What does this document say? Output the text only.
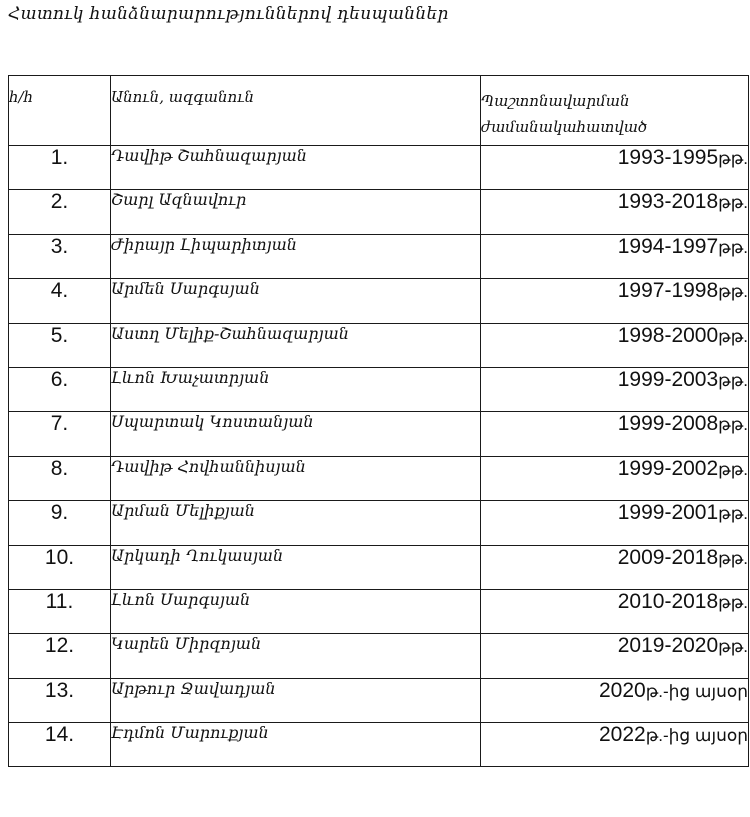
Հատուկ հանձնարարություններով դեսպաններ
հ/հ	Անուն, ազգանուն	Պաշտոնավարման ժամանակահատված
1.	Դավիթ Շահնազարյան	1993-1995թթ.
2.	Շարլ Ազնավուր	1993-2018թթ.
3.	Ժիրայր Լիպարիտյան	1994-1997թթ.
4.	Արմեն Սարգսյան	1997-1998թթ.
5.	Աստղ Մելիք-Շահնազարյան	1998-2000թթ.
6.	Լևոն Խաչատրյան	1999-2003թթ.
7.	Սպարտակ Կոստանյան	1999-2008թթ.
8.	Դավիթ Հովհաննիսյան	1999-2002թթ.
9.	Արման Մելիքյան	1999-2001թթ.
10.	Արկադի Ղուկասյան	2009-2018թթ.
11.	Լևոն Սարգսյան	2010-2018թթ.
12.	Կարեն Միրզոյան	2019-2020թթ.
13.	Արթուր Ջավադյան	2020թ.-ից այսօր
14.	Էդմոն Մարուքյան	2022թ.-ից այսօր
